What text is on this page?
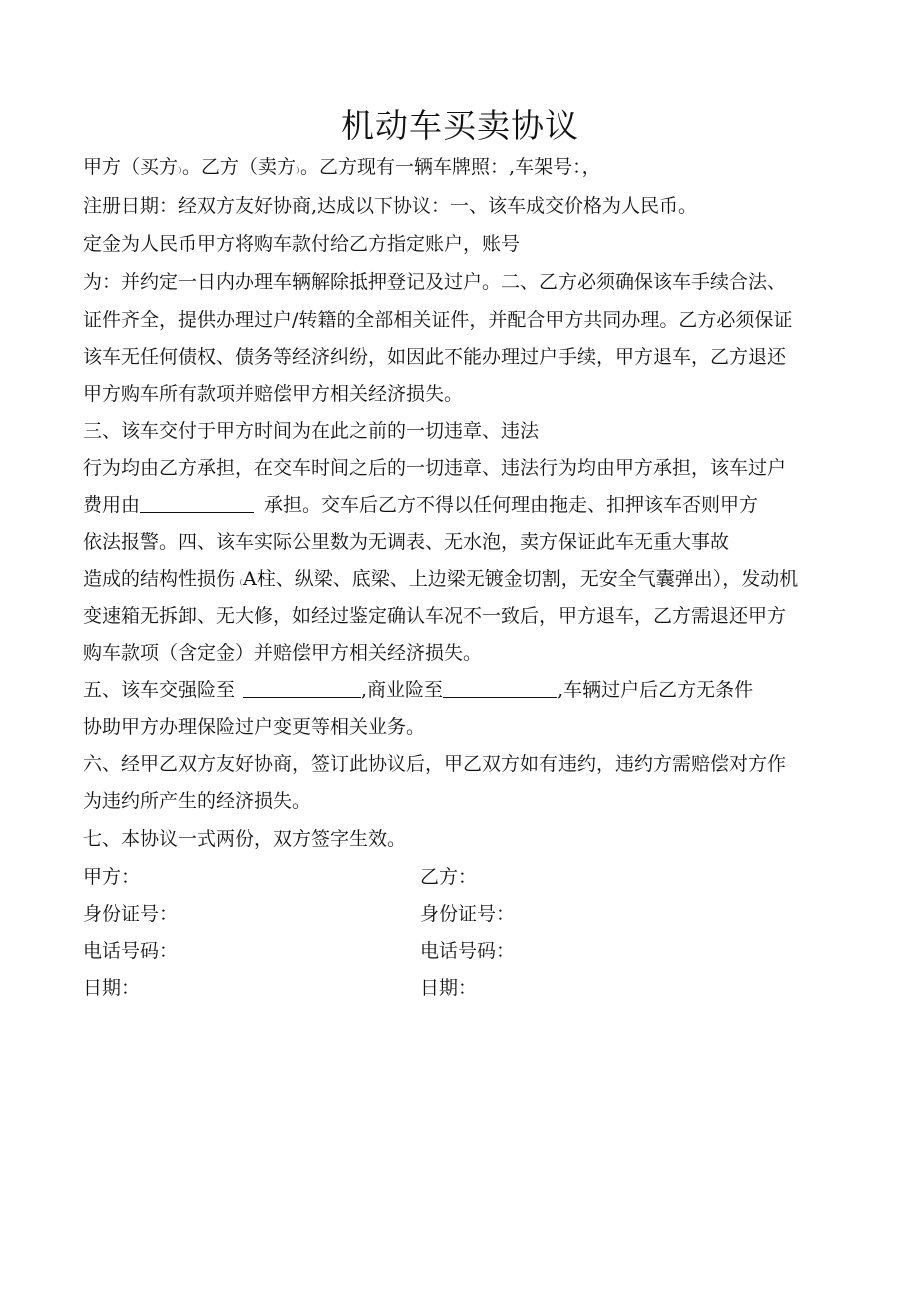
机动车买卖协议
甲方（买方）。乙方（卖方）。乙方现有一辆车牌照：,车架号：，
注册日期：经双方友好协商,达成以下协议：一、该车成交价格为人民币。
定金为人民币甲方将购车款付给乙方指定账户，账号
为：并约定一日内办理车辆解除抵押登记及过户。二、乙方必须确保该车手续合法、
证件齐全，提供办理过户/转籍的全部相关证件，并配合甲方共同办理。乙方必须保证
该车无任何债权、债务等经济纠纷，如因此不能办理过户手续，甲方退车，乙方退还
甲方购车所有款项并赔偿甲方相关经济损失。
三、该车交付于甲方时间为在此之前的一切违章、违法
行为均由乙方承担，在交车时间之后的一切违章、违法行为均由甲方承担，该车过户
费用由	承担。交车后乙方不得以任何理由拖走、扣押该车否则甲方
依法报警。四、该车实际公里数为无调表、无水泡，卖方保证此车无重大事故
造成的结构性损伤（A柱、纵梁、底梁、上边梁无镀金切割，无安全气囊弹出），发动机
变速箱无拆卸、无大修，如经过鉴定确认车况不一致后，甲方退车，乙方需退还甲方
购车款项（含定金）并赔偿甲方相关经济损失。
五、该车交强险至	,商业险至	,车辆过户后乙方无条件
协助甲方办理保险过户变更等相关业务。
六、经甲乙双方友好协商，签订此协议后，甲乙双方如有违约，违约方需赔偿对方作
为违约所产生的经济损失。
七、本协议一式两份，双方签字生效。
甲方：	乙方：
身份证号：	身份证号：
电话号码：	电话号码：
日期：	日期：
